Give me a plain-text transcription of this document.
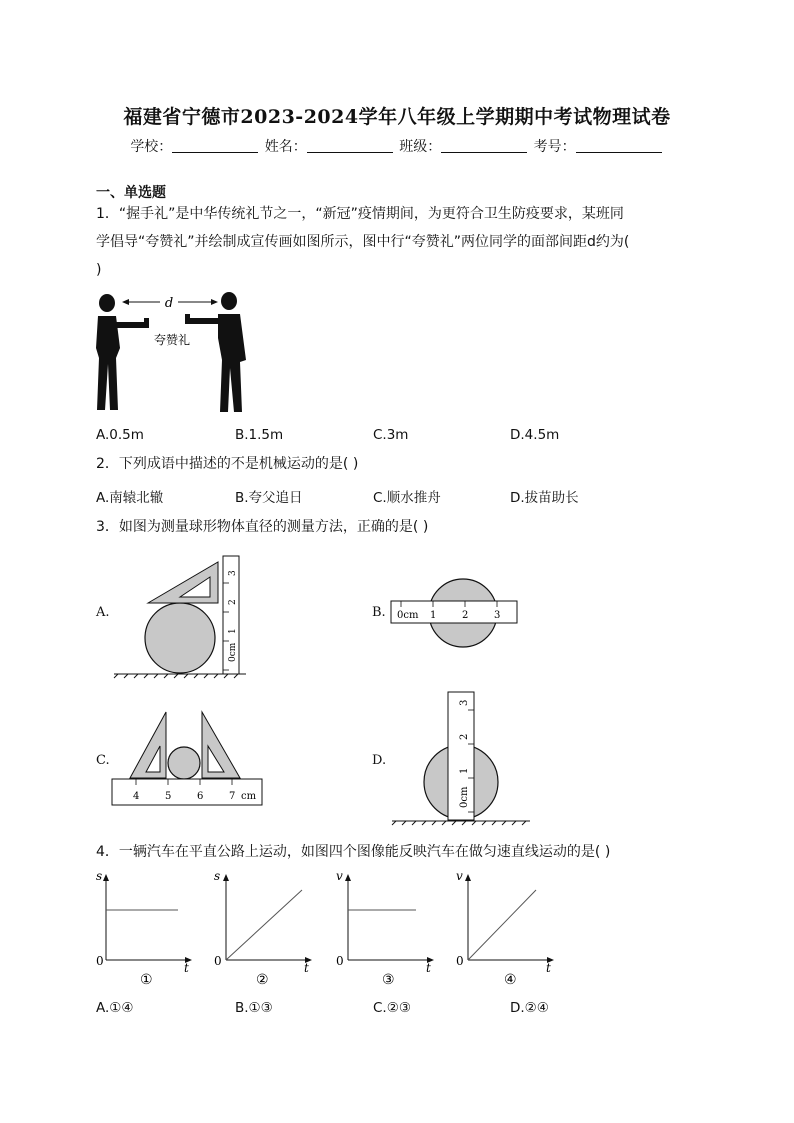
福建省宁德市2023-2024学年八年级上学期期中考试物理试卷
学校：	姓名：	班级：	考号：
一、单选题
1．“握手礼”是中华传统礼节之一，“新冠”疫情期间，为更符合卫生防疫要求，某班同
学倡导“夸赞礼”并绘制成宣传画如图所示，图中行“夸赞礼”两位同学的面部间距d约为(
)
d
夸赞礼
A.0.5m	B.1.5m	C.3m	D.4.5m
2．下列成语中描述的不是机械运动的是( )
A.南辕北辙	B.夸父追日	C.顺水推舟	D.拔苗助长
3．如图为测量球形物体直径的测量方法，正确的是( )
A.
0cm
1
2
3
B. 0cm 1	2	3
C.
4	5	6	7 cm
D.
0cm
1
2
3
4．一辆汽车在平直公路上运动，如图四个图像能反映汽车在做匀速直线运动的是( )
s
t
0
①
s
t
0
②
v
t
0
③
v
t
0
④
A.①④	B.①③	C.②③	D.②④
